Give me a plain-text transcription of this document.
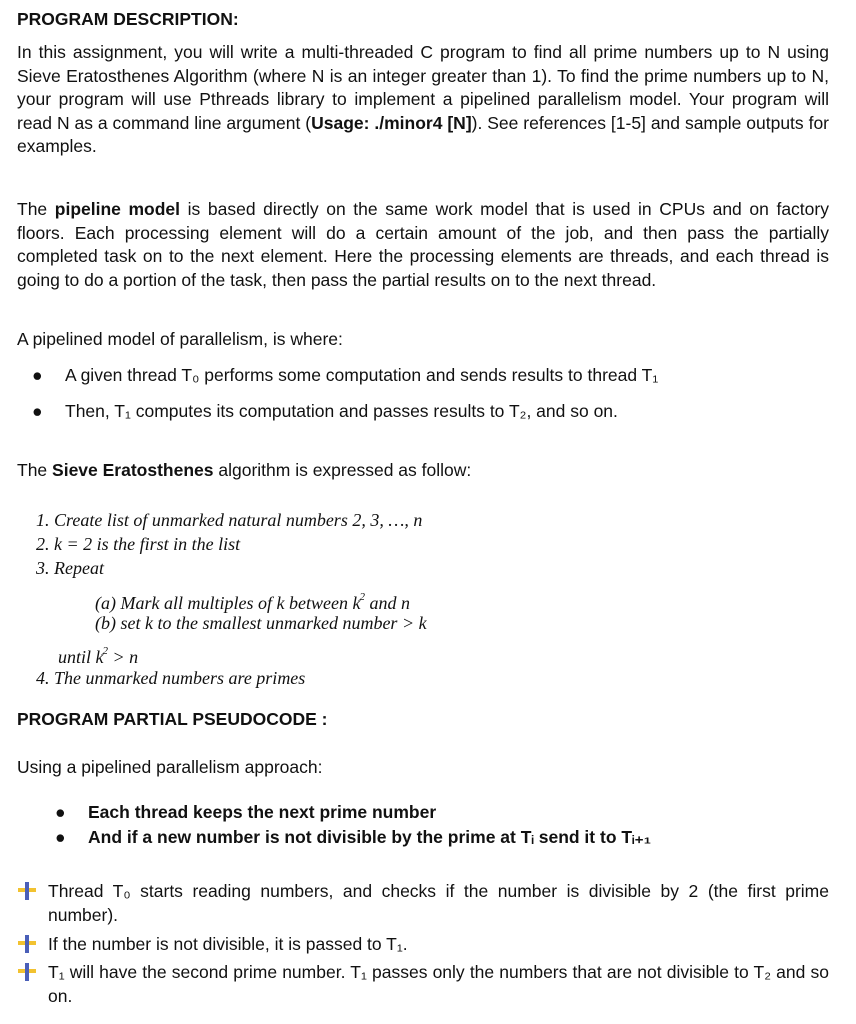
PROGRAM DESCRIPTION:
In this assignment, you will write a multi-threaded C program to find all prime numbers up to N using Sieve Eratosthenes Algorithm (where N is an integer greater than 1). To find the prime numbers up to N, your program will use Pthreads library to implement a pipelined parallelism model. Your program will read N as a command line argument (Usage: ./minor4 [N]). See references [1-5] and sample outputs for examples.
The pipeline model is based directly on the same work model that is used in CPUs and on factory floors. Each processing element will do a certain amount of the job, and then pass the partially completed task on to the next element. Here the processing elements are threads, and each thread is going to do a portion of the task, then pass the partial results on to the next thread.
A pipelined model of parallelism, is where:
● A given thread T₀ performs some computation and sends results to thread T₁
● Then, T₁ computes its computation and passes results to T₂, and so on.
The Sieve Eratosthenes algorithm is expressed as follow:
1. Create list of unmarked natural numbers 2, 3, …, n
2. k = 2 is the first in the list
3. Repeat
(a) Mark all multiples of k between $k^2$ and n
(b) set k to the smallest unmarked number > k
until $k^2 > n$
4. The unmarked numbers are primes
PROGRAM PARTIAL PSEUDOCODE :
Using a pipelined parallelism approach:
● Each thread keeps the next prime number
● And if a new number is not divisible by the prime at Tᵢ send it to Tᵢ₊₁
Thread T₀ starts reading numbers, and checks if the number is divisible by 2 (the first prime number).
If the number is not divisible, it is passed to T₁.
T₁ will have the second prime number. T₁ passes only the numbers that are not divisible to T₂ and so on.
